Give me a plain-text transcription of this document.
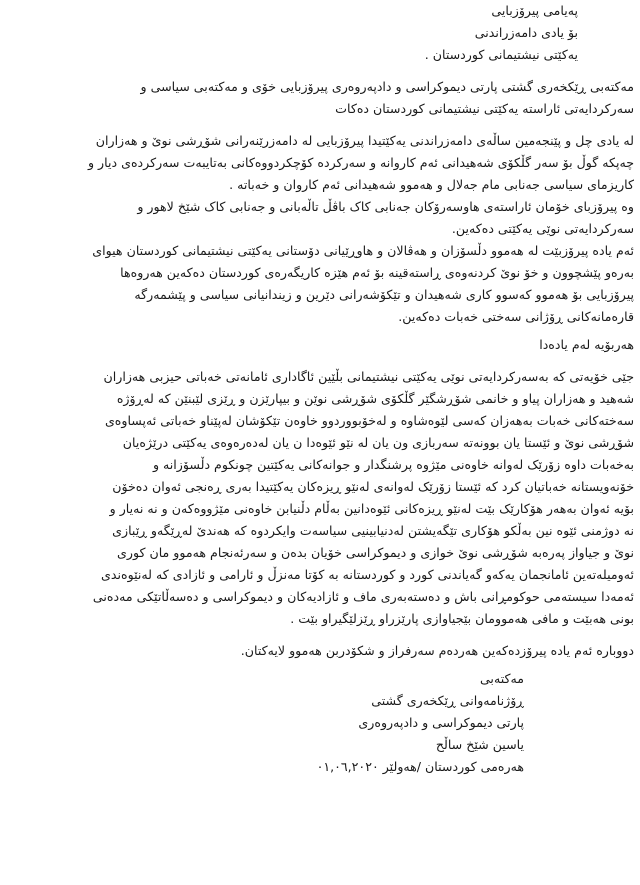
پەیامی پیرۆزبایی
بۆ یادی دامەزراندنی
یەکێتی نیشتیمانی کوردستان .
مەکتەبی ڕێکخەری گشتی پارتی دیموکراسی و دادپەروەری پیرۆزبایی خۆی و مەکتەبی سیاسی و
سەرکردایەتی ئاراستە یەکێتی نیشتیمانی کوردستان دەکات
لە یادی چل و پێنجەمین ساڵەی دامەزراندنی یەکێتیدا پیرۆزبایی لە دامەزرێنەرانی شۆڕشی نوێ و هەزاران
چەپکە گوڵ بۆ سەر گڵکۆی شەهیدانی ئەم کاروانە و سەرکردە کۆچکردووەکانی بەتایبەت سەرکردەی دیار و
کاریزمای سیاسی جەنابی مام جەلال و هەموو شەهیدانی ئەم کاروان و خەباتە .
وە پیرۆزبای خۆمان ئاراستەی هاوسەرۆکان جەنابی کاک باڤڵ تاڵەبانی و جەنابی کاک شێخ لاهور و
سەرکردایەتی نوێی یەکێتی دەکەین.
ئەم یادە پیرۆزبێت لە هەموو دڵسۆزان و هەڤالان و هاوڕێیانی دۆستانی یەکێتی نیشتیمانی کوردستان هیوای
بەرەو پێشچوون و خۆ نوێ کردنەوەی ڕاستەقینە بۆ ئەم هێزە کاریگەرەی کوردستان دەکەین هەروەها
پیرۆزبایی بۆ هەموو کەسوو کاری شەهیدان و تێکۆشەرانی دێرین و زیندانیانی سیاسی و پێشمەرگە
قارەمانەکانی ڕۆژانی سەختی خەبات دەکەین.
هەربۆیە لەم یادەدا
جێی خۆیەتی کە بەسەرکردایەتی نوێی یەکێتی نیشتیمانی بڵێین ئاگاداری ئامانەتی خەباتی حیزبی هەزاران
شەهید و هەزاران پیاو و خانمی شۆڕشگێر گڵکۆی شۆڕشی نوێن و بیپارێزن و ڕێزی لێبنێن کە لەڕۆژە
سەختەکانی خەبات بەهەزان کەسی لێوەشاوە و لەخۆبووردوو خاوەن تێکۆشان لەپێناو خەباتی ئەپساوەی
شۆڕشی نوێ و ئێستا یان بوونەتە سەربازی ون یان لە نێو ئێوەدا ن یان لەدەرەوەی یەکێتی درێژەیان
بەخەبات داوە زۆرێک لەوانە خاوەنی مێژوە پرشنگدار و جوانەکانی یەکێتین چونکوم دڵسۆزانە و
خۆنەویستانە خەباتیان کرد کە ئێستا زۆرێک لەوانەی لەنێو ڕیزەکان یەکێتیدا بەری ڕەنجی ئەوان دەخۆن
بۆیە ئەوان بەهەر هۆکارێک بێت لەنێو ڕیزەکانی ئێوەدانین بەڵام دڵنیابن خاوەنی مێژووەکەن و نە نەیار و
نە دوژمنی ئێوە نین بەڵکو هۆکاری تێگەیشتن لەدنیابینیی سیاسەت وایکردوە کە هەندێ لەڕێگەو ڕێبازی
نوێ و جیاواز پەرەبە شۆڕشی نوێ خوازی و دیموکراسی خۆیان بدەن و سەرئەنجام هەموو مان کوری
ئەومیلەتەین ئامانجمان یەکەو گەیاندنی کورد و کوردستانە بە کۆتا مەنزڵ و ئارامی و ئازادی کە لەنێوەندی
ئەمەدا سیستەمی حوکومڕانی باش و دەستەبەری ماف و ئازادیەکان و دیموکراسی و دەسەڵاتێکی مەدەنی
بونی هەبێت و مافی هەموومان بێجیاوازی پارێزراو ڕێزلێگیراو بێت .
دووبارە ئەم یادە پیرۆزدەکەین هەردەم سەرفراز و شکۆدربن هەموو لایەکتان.
مەکتەبی
ڕۆژنامەوانی ڕێکخەری گشتی
پارتی دیموکراسی و دادپەروەری
یاسین شێخ ساڵح
هەرەمی کوردستان /هەولێر ٠١,٠٦,٢٠٢٠
